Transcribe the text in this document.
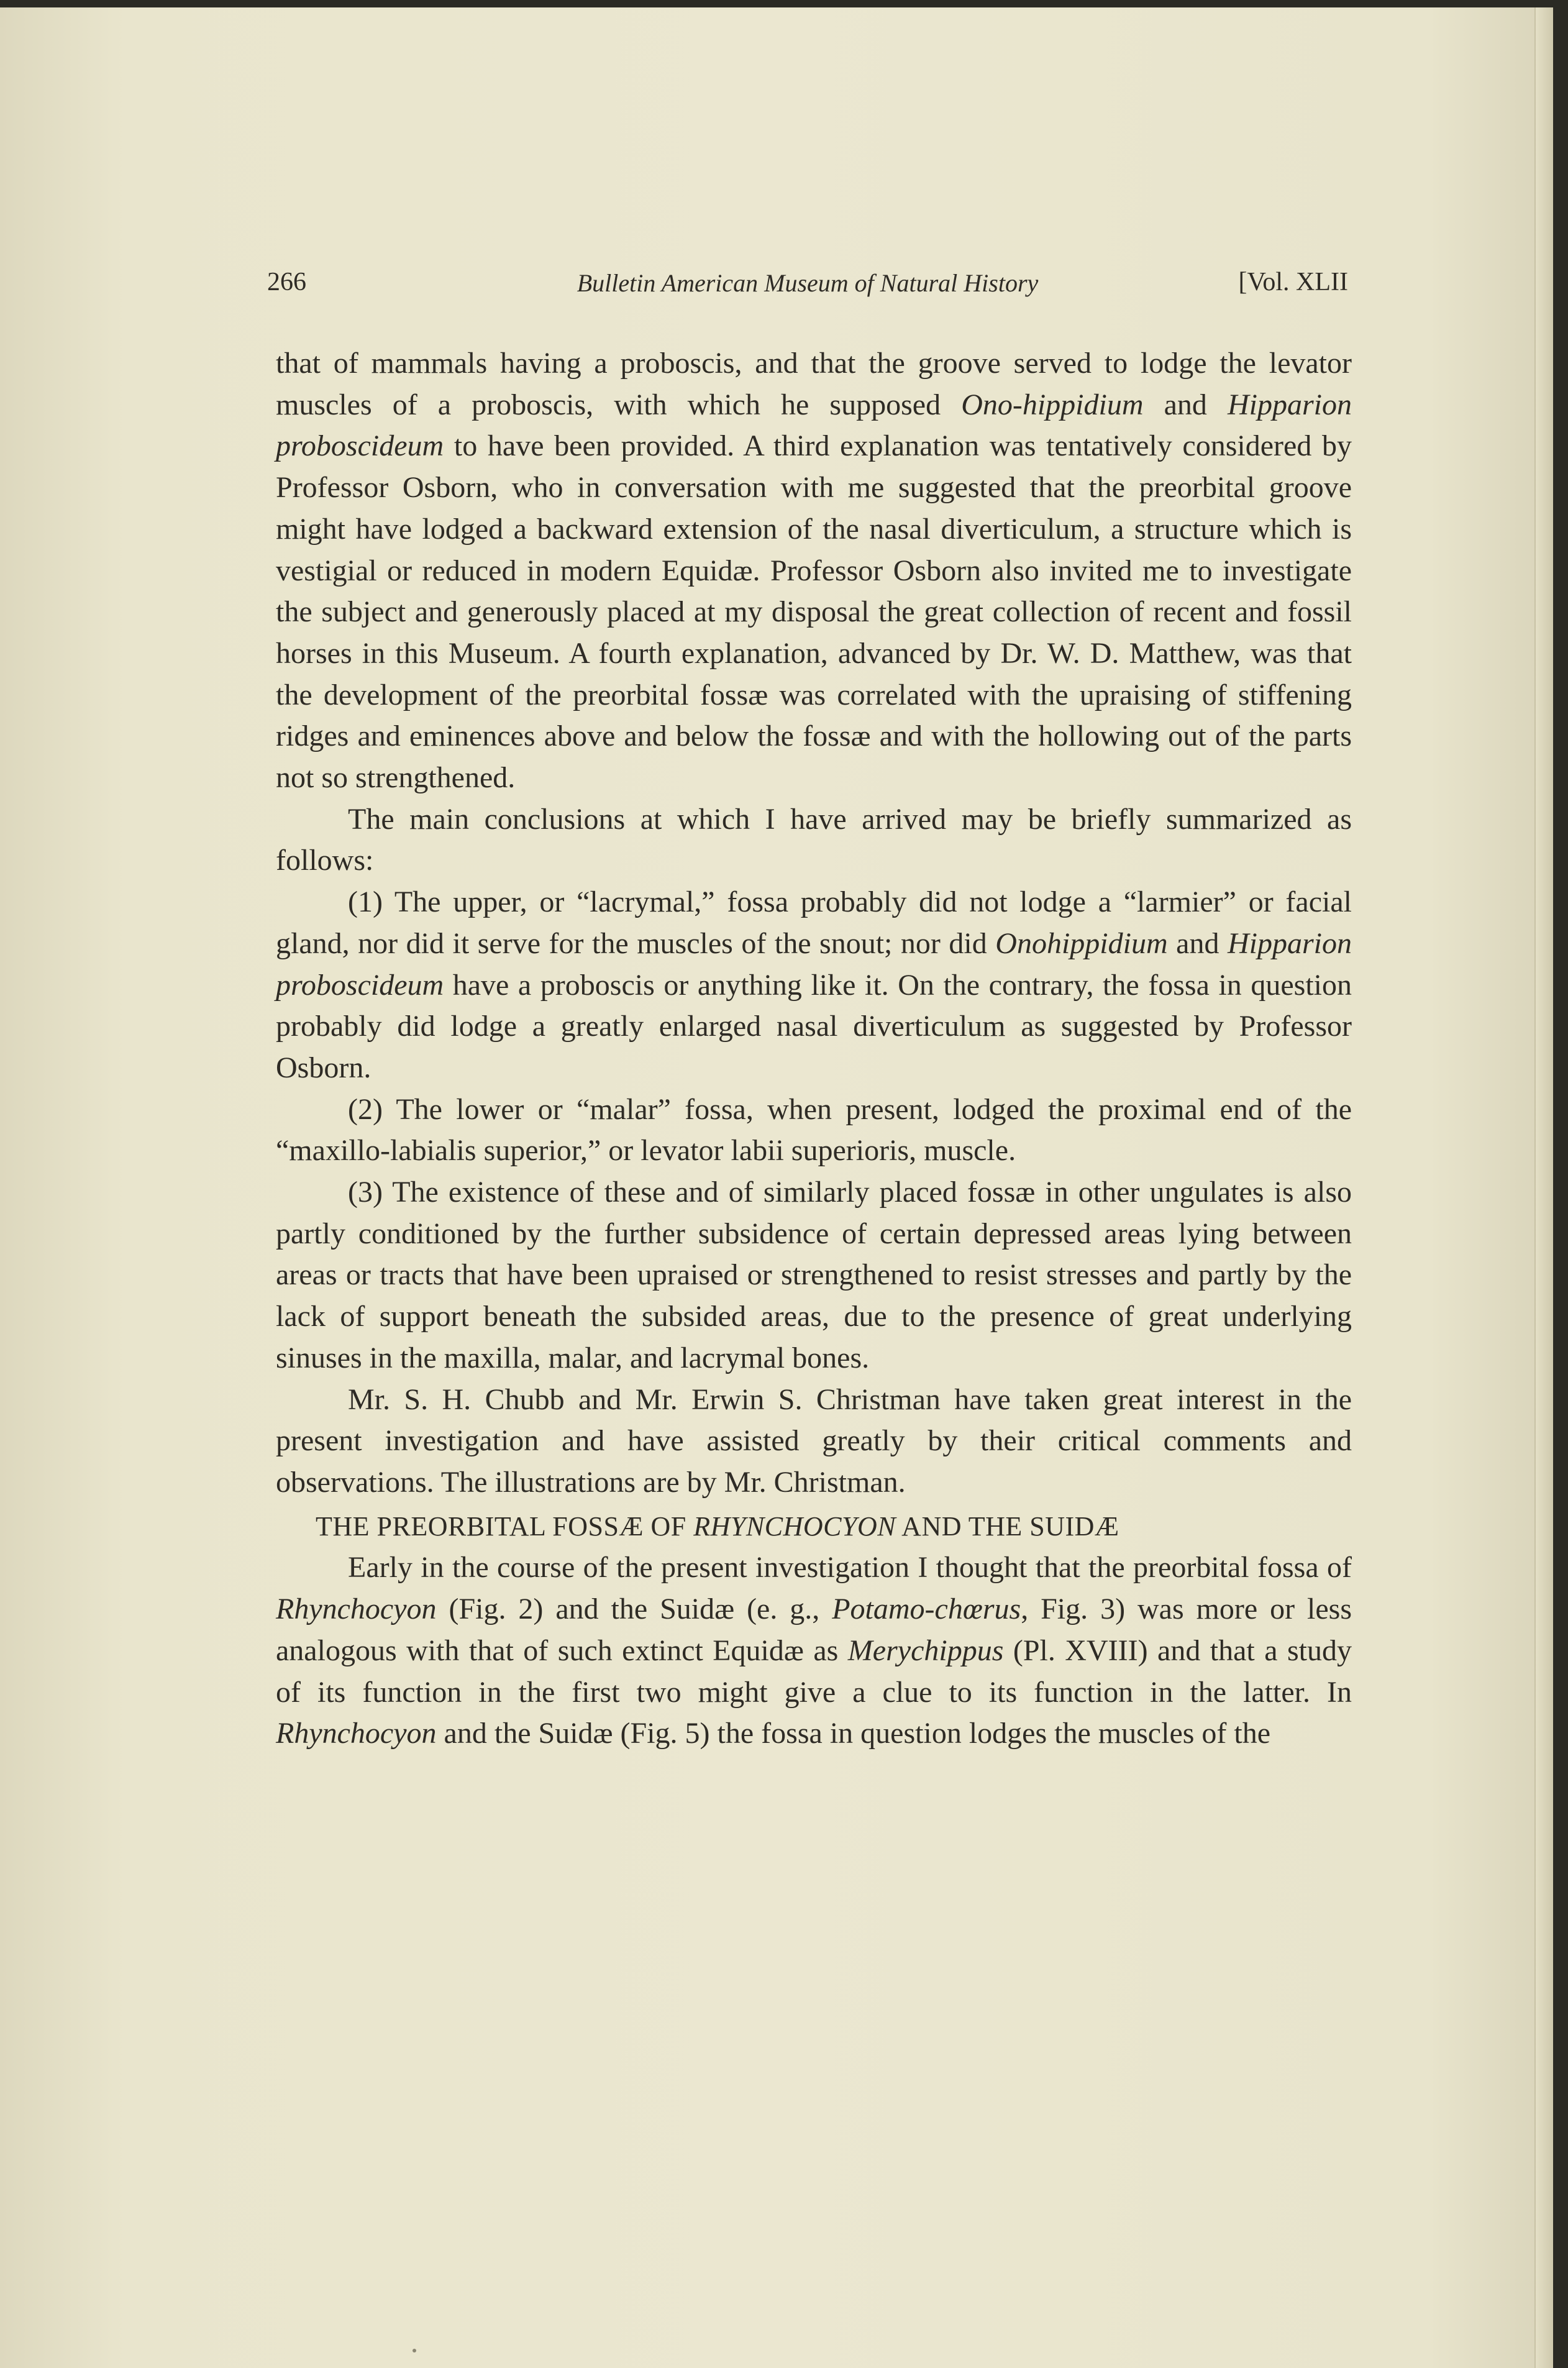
266	Bulletin American Museum of Natural History	[Vol. XLII

that of mammals having a proboscis, and that the groove served to lodge the levator muscles of a proboscis, with which he supposed Ono-hippidium and Hipparion proboscideum to have been provided. A third explanation was tentatively considered by Professor Osborn, who in conversation with me suggested that the preorbital groove might have lodged a backward extension of the nasal diverticulum, a structure which is vestigial or reduced in modern Equidæ. Professor Osborn also invited me to investigate the subject and generously placed at my disposal the great collection of recent and fossil horses in this Museum. A fourth explanation, advanced by Dr. W. D. Matthew, was that the development of the preorbital fossæ was correlated with the upraising of stiffening ridges and eminences above and below the fossæ and with the hollowing out of the parts not so strengthened.

The main conclusions at which I have arrived may be briefly summarized as follows:

(1) The upper, or “lacrymal,” fossa probably did not lodge a “larmier” or facial gland, nor did it serve for the muscles of the snout; nor did Onohippidium and Hipparion proboscideum have a proboscis or anything like it. On the contrary, the fossa in question probably did lodge a greatly enlarged nasal diverticulum as suggested by Professor Osborn.

(2) The lower or “malar” fossa, when present, lodged the proximal end of the “maxillo-labialis superior,” or levator labii superioris, muscle.

(3) The existence of these and of similarly placed fossæ in other ungulates is also partly conditioned by the further subsidence of certain depressed areas lying between areas or tracts that have been upraised or strengthened to resist stresses and partly by the lack of support beneath the subsided areas, due to the presence of great underlying sinuses in the maxilla, malar, and lacrymal bones.

Mr. S. H. Chubb and Mr. Erwin S. Christman have taken great interest in the present investigation and have assisted greatly by their critical comments and observations. The illustrations are by Mr. Christman.

THE PREORBITAL FOSSÆ OF RHYNCHOCYON AND THE SUIDÆ

Early in the course of the present investigation I thought that the preorbital fossa of Rhynchocyon (Fig. 2) and the Suidæ (e. g., Potamo-chœrus, Fig. 3) was more or less analogous with that of such extinct Equidæ as Merychippus (Pl. XVIII) and that a study of its function in the first two might give a clue to its function in the latter. In Rhynchocyon and the Suidæ (Fig. 5) the fossa in question lodges the muscles of the
